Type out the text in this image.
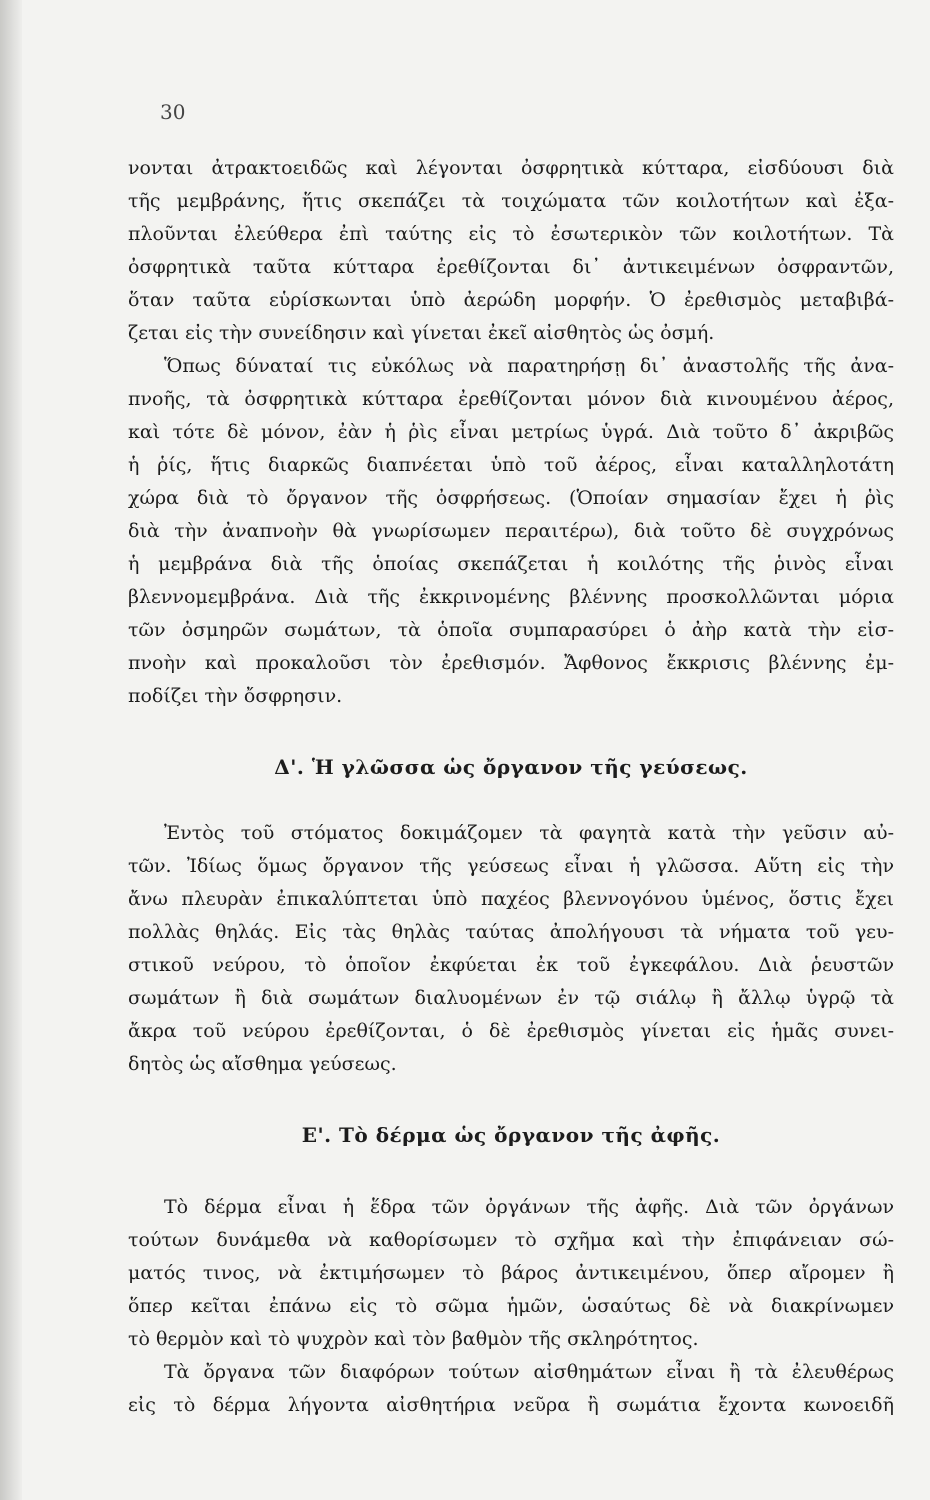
30
νονται ἀτρακτοειδῶς καὶ λέγονται ὀσφρητικὰ κύτταρα, εἰσδύουσι διὰ
τῆς μεμβράνης, ἥτις σκεπάζει τὰ τοιχώματα τῶν κοιλοτήτων καὶ ἐξα-
πλοῦνται ἐλεύθερα ἐπὶ ταύτης εἰς τὸ ἐσωτερικὸν τῶν κοιλοτήτων. Τὰ
ὀσφρητικὰ ταῦτα κύτταρα ἐρεθίζονται δι᾿ ἀντικειμένων ὀσφραντῶν,
ὅταν ταῦτα εὑρίσκωνται ὑπὸ ἀερώδη μορφήν. Ὁ ἐρεθισμὸς μεταβιβά-
ζεται εἰς τὴν συνείδησιν καὶ γίνεται ἐκεῖ αἰσθητὸς ὡς ὀσμή.
Ὅπως δύναταί τις εὐκόλως νὰ παρατηρήσῃ δι᾿ ἀναστολῆς τῆς ἀνα-
πνοῆς, τὰ ὀσφρητικὰ κύτταρα ἐρεθίζονται μόνον διὰ κινουμένου ἀέρος,
καὶ τότε δὲ μόνον, ἐὰν ἡ ῥὶς εἶναι μετρίως ὑγρά. Διὰ τοῦτο δ᾿ ἀκριβῶς
ἡ ῥίς, ἥτις διαρκῶς διαπνέεται ὑπὸ τοῦ ἀέρος, εἶναι καταλληλοτάτη
χώρα διὰ τὸ ὄργανον τῆς ὀσφρήσεως. (Ὁποίαν σημασίαν ἔχει ἡ ῥὶς
διὰ τὴν ἀναπνοὴν θὰ γνωρίσωμεν περαιτέρω), διὰ τοῦτο δὲ συγχρόνως
ἡ μεμβράνα διὰ τῆς ὁποίας σκεπάζεται ἡ κοιλότης τῆς ῥινὸς εἶναι
βλεννομεμβράνα. Διὰ τῆς ἐκκρινομένης βλέννης προσκολλῶνται μόρια
τῶν ὀσμηρῶν σωμάτων, τὰ ὁποῖα συμπαρασύρει ὁ ἀὴρ κατὰ τὴν εἰσ-
πνοὴν καὶ προκαλοῦσι τὸν ἐρεθισμόν. Ἄφθονος ἔκκρισις βλέννης ἐμ-
ποδίζει τὴν ὄσφρησιν.
Δ'. Ἡ γλῶσσα ὡς ὄργανον τῆς γεύσεως.
Ἐντὸς τοῦ στόματος δοκιμάζομεν τὰ φαγητὰ κατὰ τὴν γεῦσιν αὐ-
τῶν. Ἰδίως ὅμως ὄργανον τῆς γεύσεως εἶναι ἡ γλῶσσα. Αὕτη εἰς τὴν
ἄνω πλευρὰν ἐπικαλύπτεται ὑπὸ παχέος βλεννογόνου ὑμένος, ὅστις ἔχει
πολλὰς θηλάς. Εἰς τὰς θηλὰς ταύτας ἀπολήγουσι τὰ νήματα τοῦ γευ-
στικοῦ νεύρου, τὸ ὁποῖον ἐκφύεται ἐκ τοῦ ἐγκεφάλου. Διὰ ῥευστῶν
σωμάτων ἢ διὰ σωμάτων διαλυομένων ἐν τῷ σιάλῳ ἢ ἄλλῳ ὑγρῷ τὰ
ἄκρα τοῦ νεύρου ἐρεθίζονται, ὁ δὲ ἐρεθισμὸς γίνεται εἰς ἡμᾶς συνει-
δητὸς ὡς αἴσθημα γεύσεως.
Ε'. Τὸ δέρμα ὡς ὄργανον τῆς ἀφῆς.
Τὸ δέρμα εἶναι ἡ ἕδρα τῶν ὀργάνων τῆς ἀφῆς. Διὰ τῶν ὀργάνων
τούτων δυνάμεθα νὰ καθορίσωμεν τὸ σχῆμα καὶ τὴν ἐπιφάνειαν σώ-
ματός τινος, νὰ ἐκτιμήσωμεν τὸ βάρος ἀντικειμένου, ὅπερ αἴρομεν ἢ
ὅπερ κεῖται ἐπάνω εἰς τὸ σῶμα ἡμῶν, ὡσαύτως δὲ νὰ διακρίνωμεν
τὸ θερμὸν καὶ τὸ ψυχρὸν καὶ τὸν βαθμὸν τῆς σκληρότητος.
Τὰ ὄργανα τῶν διαφόρων τούτων αἰσθημάτων εἶναι ἢ τὰ ἐλευθέρως
εἰς τὸ δέρμα λήγοντα αἰσθητήρια νεῦρα ἢ σωμάτια ἔχοντα κωνοειδῆ
